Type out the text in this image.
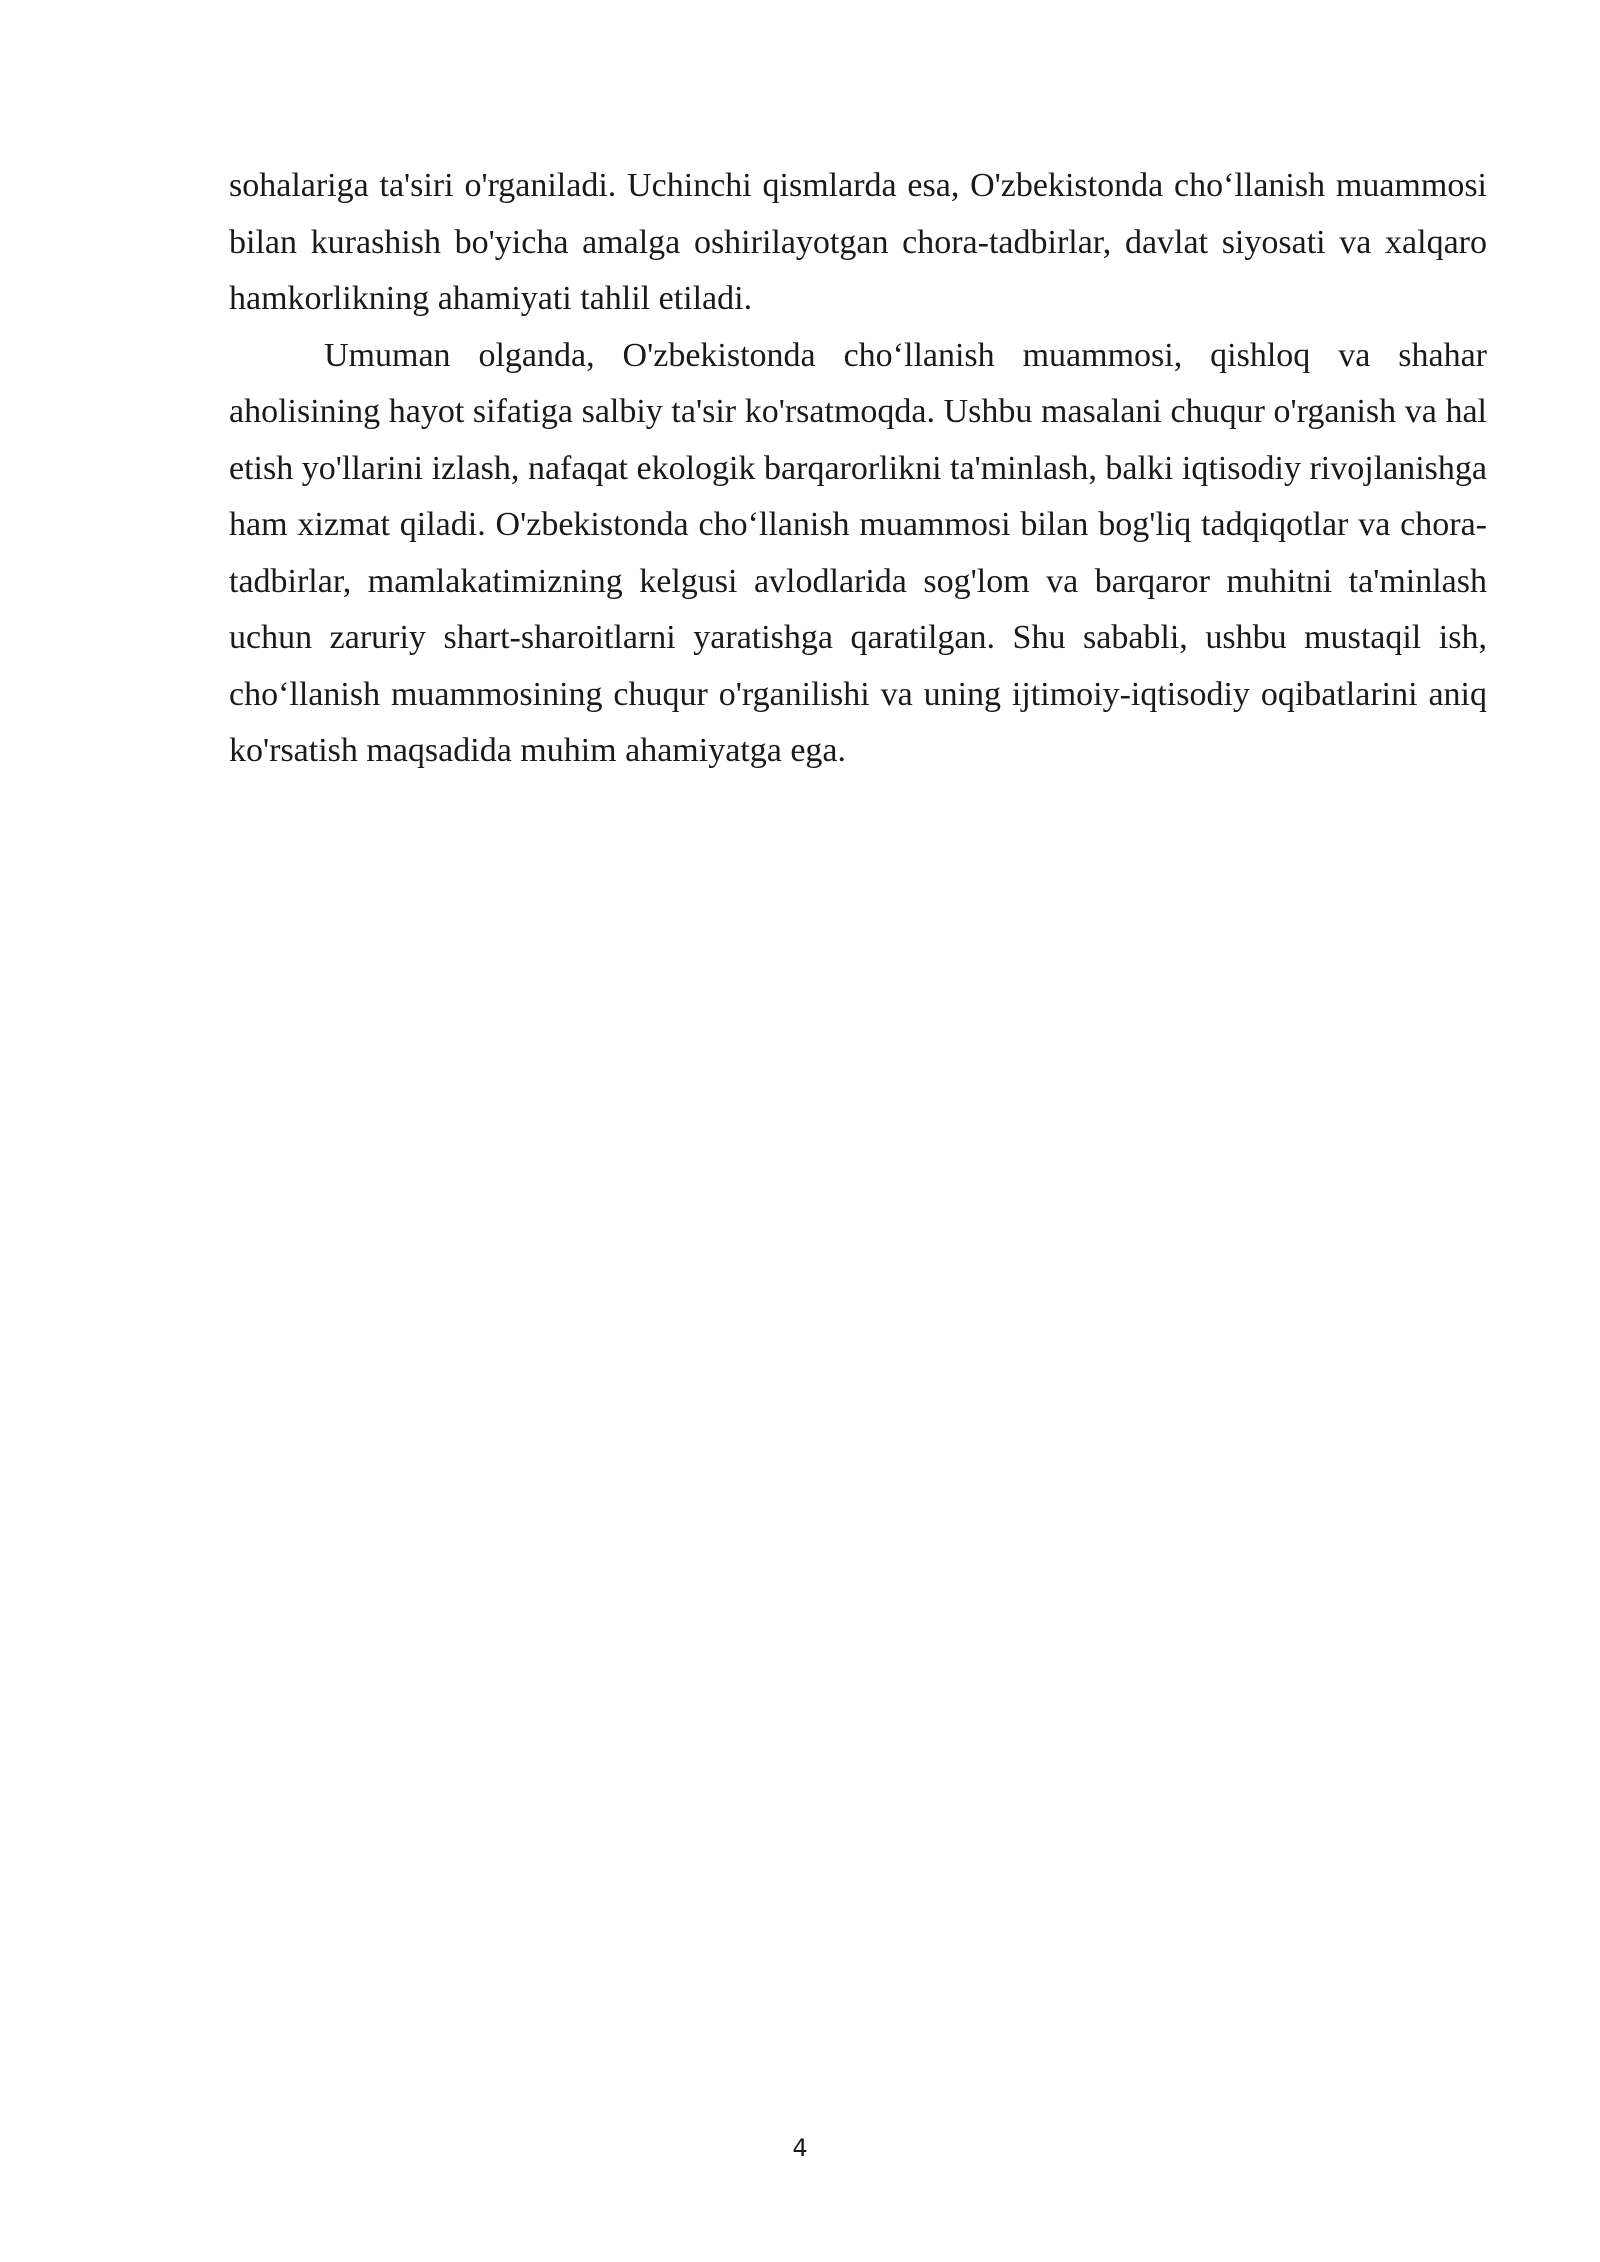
sohalariga ta'siri o'rganiladi. Uchinchi qismlarda esa, O'zbekistonda cho‘llanish muammosi bilan kurashish bo'yicha amalga oshirilayotgan chora-tadbirlar, davlat siyosati va xalqaro hamkorlikning ahamiyati tahlil etiladi.

Umuman olganda, O'zbekistonda cho‘llanish muammosi, qishloq va shahar aholisining hayot sifatiga salbiy ta'sir ko'rsatmoqda. Ushbu masalani chuqur o'rganish va hal etish yo'llarini izlash, nafaqat ekologik barqarorlikni ta'minlash, balki iqtisodiy rivojlanishga ham xizmat qiladi. O'zbekistonda cho‘llanish muammosi bilan bog'liq tadqiqotlar va chora-tadbirlar, mamlakatimizning kelgusi avlodlarida sog'lom va barqaror muhitni ta'minlash uchun zaruriy shart-sharoitlarni yaratishga qaratilgan. Shu sababli, ushbu mustaqil ish, cho‘llanish muammosining chuqur o'rganilishi va uning ijtimoiy-iqtisodiy oqibatlarini aniq ko'rsatish maqsadida muhim ahamiyatga ega.

4
